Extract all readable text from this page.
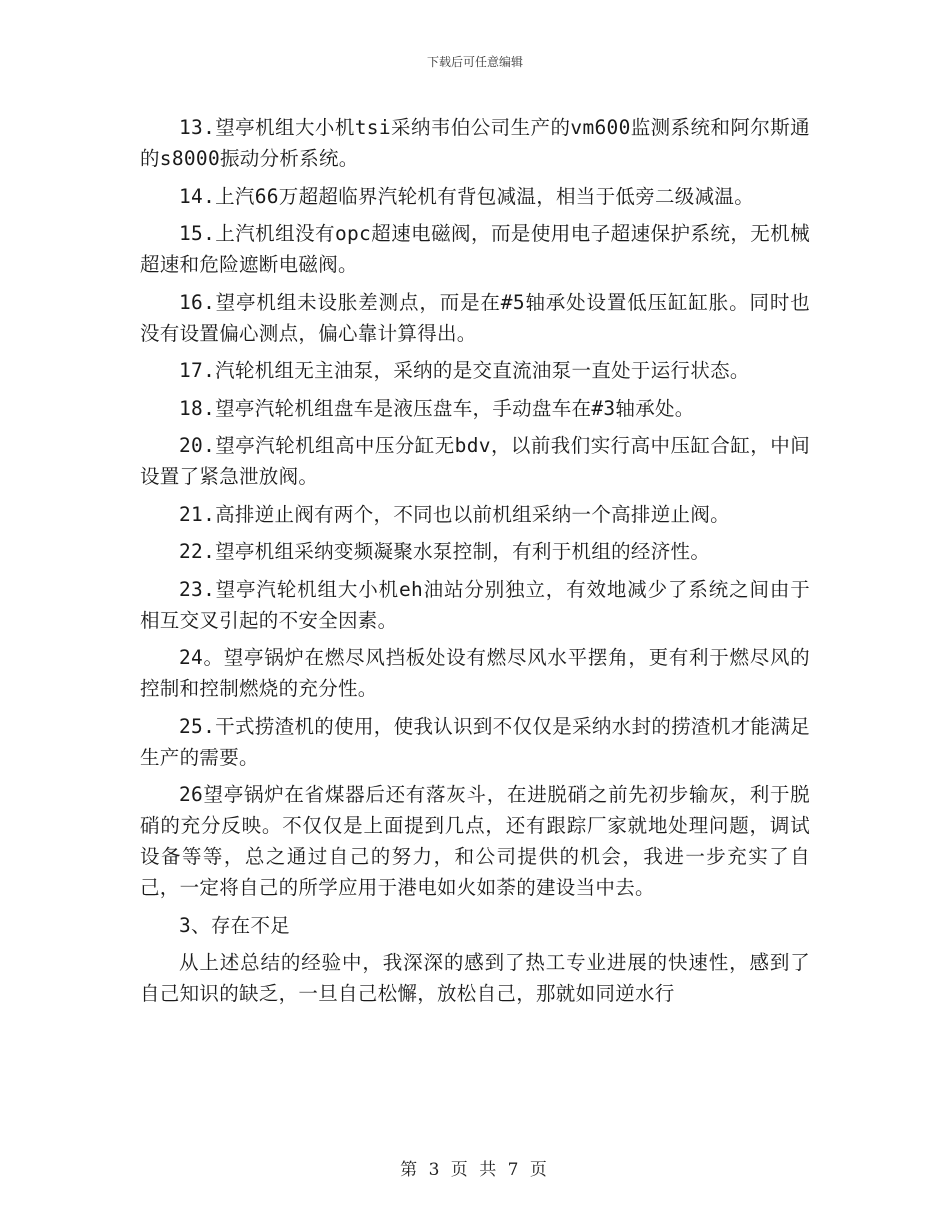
下载后可任意编辑

13.望亭机组大小机tsi采纳韦伯公司生产的vm600监测系统和阿尔斯通的s8000振动分析系统。

14.上汽66万超超临界汽轮机有背包减温，相当于低旁二级减温。

15.上汽机组没有opc超速电磁阀，而是使用电子超速保护系统，无机械超速和危险遮断电磁阀。

16.望亭机组未设胀差测点，而是在#5轴承处设置低压缸缸胀。同时也没有设置偏心测点，偏心靠计算得出。

17.汽轮机组无主油泵，采纳的是交直流油泵一直处于运行状态。

18.望亭汽轮机组盘车是液压盘车，手动盘车在#3轴承处。

20.望亭汽轮机组高中压分缸无bdv，以前我们实行高中压缸合缸，中间设置了紧急泄放阀。

21.高排逆止阀有两个，不同也以前机组采纳一个高排逆止阀。

22.望亭机组采纳变频凝聚水泵控制，有利于机组的经济性。

23.望亭汽轮机组大小机eh油站分别独立，有效地减少了系统之间由于相互交叉引起的不安全因素。

24。望亭锅炉在燃尽风挡板处设有燃尽风水平摆角，更有利于燃尽风的控制和控制燃烧的充分性。

25.干式捞渣机的使用，使我认识到不仅仅是采纳水封的捞渣机才能满足生产的需要。

26望亭锅炉在省煤器后还有落灰斗，在进脱硝之前先初步输灰，利于脱硝的充分反映。不仅仅是上面提到几点，还有跟踪厂家就地处理问题，调试设备等等，总之通过自己的努力，和公司提供的机会，我进一步充实了自己，一定将自己的所学应用于港电如火如荼的建设当中去。

3、存在不足

从上述总结的经验中，我深深的感到了热工专业进展的快速性，感到了自己知识的缺乏，一旦自己松懈，放松自己，那就如同逆水行

第 3 页 共 7 页
